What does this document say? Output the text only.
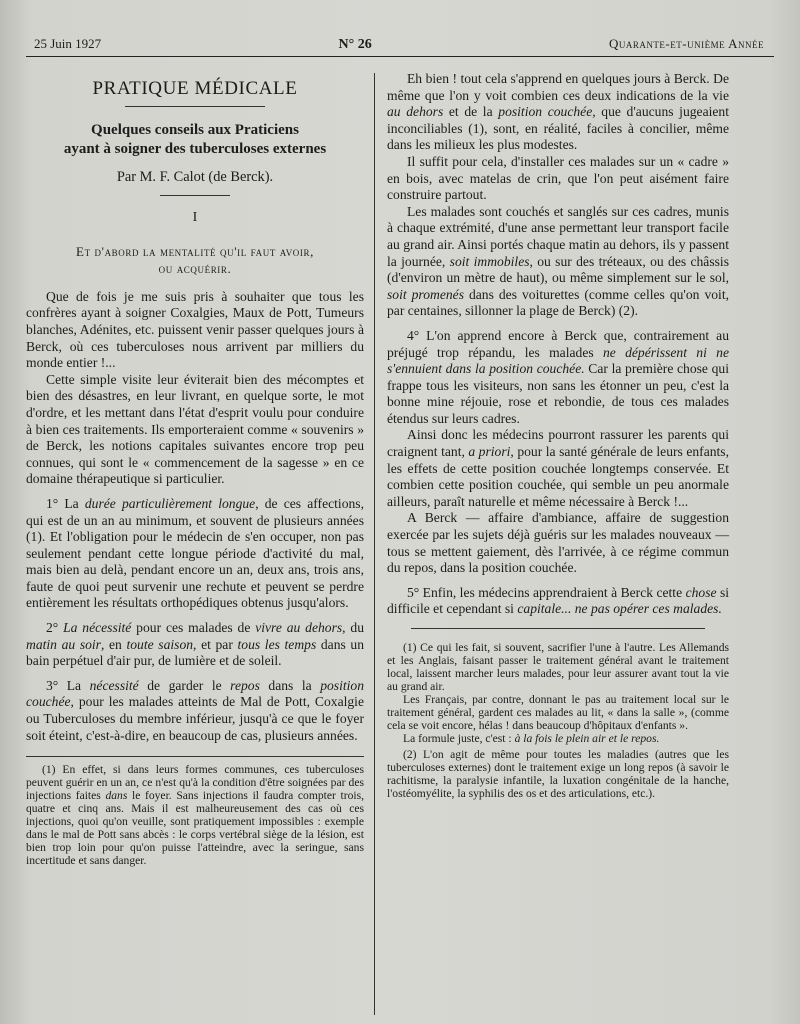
25 Juin 1927	N° 26	Quarante-et-unième Année
PRATIQUE MÉDICALE
Quelques conseils aux Praticiens
ayant à soigner des tuberculoses externes
Par M. F. Calot (de Berck).
I
Et d'abord la mentalité qu'il faut avoir,
ou acquérir.

Que de fois je me suis pris à souhaiter que tous les confrères ayant à soigner Coxalgies, Maux de Pott, Tumeurs blanches, Adénites, etc. puissent venir passer quelques jours à Berck, où ces tuberculoses nous arrivent par milliers du monde entier !...

Cette simple visite leur éviterait bien des mécomptes et bien des désastres, en leur livrant, en quelque sorte, le mot d'ordre, et les mettant dans l'état d'esprit voulu pour conduire à bien ces traitements. Ils emporteraient comme « souvenirs » de Berck, les notions capitales suivantes encore trop peu connues, qui sont le « commencement de la sagesse » en ce domaine thérapeutique si particulier.

1° La durée particulièrement longue, de ces affections, qui est de un an au minimum, et souvent de plusieurs années (1). Et l'obligation pour le médecin de s'en occuper, non pas seulement pendant cette longue période d'activité du mal, mais bien au delà, pendant encore un an, deux ans, trois ans, faute de quoi peut survenir une rechute et peuvent se perdre entièrement les résultats orthopédiques obtenus jusqu'alors.

2° La nécessité pour ces malades de vivre au dehors, du matin au soir, en toute saison, et par tous les temps dans un bain perpétuel d'air pur, de lumière et de soleil.

3° La nécessité de garder le repos dans la position couchée, pour les malades atteints de Mal de Pott, Coxalgie ou Tuberculoses du membre inférieur, jusqu'à ce que le foyer soit éteint, c'est-à-dire, en beaucoup de cas, plusieurs années.

(1) En effet, si dans leurs formes communes, ces tuberculoses peuvent guérir en un an, ce n'est qu'à la condition d'être soignées par des injections faites dans le foyer. Sans injections il faudra compter trois, quatre et cinq ans. Mais il est malheureusement des cas où ces injections, quoi qu'on veuille, sont pratiquement impossibles : exemple dans le mal de Pott sans abcès : le corps vertébral siège de la lésion, est bien trop loin pour qu'on puisse l'atteindre, avec la seringue, sans incertitude et sans danger.

Eh bien ! tout cela s'apprend en quelques jours à Berck. De même que l'on y voit combien ces deux indications de la vie au dehors et de la position couchée, que d'aucuns jugeaient inconciliables (1), sont, en réalité, faciles à concilier, même dans les milieux les plus modestes.

Il suffit pour cela, d'installer ces malades sur un « cadre » en bois, avec matelas de crin, que l'on peut aisément faire construire partout.

Les malades sont couchés et sanglés sur ces cadres, munis à chaque extrémité, d'une anse permettant leur transport facile au grand air. Ainsi portés chaque matin au dehors, ils y passent la journée, soit immobiles, ou sur des tréteaux, ou des châssis (d'environ un mètre de haut), ou même simplement sur le sol, soit promenés dans des voiturettes (comme celles qu'on voit, par centaines, sillonner la plage de Berck) (2).

4° L'on apprend encore à Berck que, contrairement au préjugé trop répandu, les malades ne dépérissent ni ne s'ennuient dans la position couchée. Car la première chose qui frappe tous les visiteurs, non sans les étonner un peu, c'est la bonne mine réjouie, rose et rebondie, de tous ces malades étendus sur leurs cadres.

Ainsi donc les médecins pourront rassurer les parents qui craignent tant, a priori, pour la santé générale de leurs enfants, les effets de cette position couchée longtemps conservée. Et combien cette position couchée, qui semble un peu anormale ailleurs, paraît naturelle et même nécessaire à Berck !...

A Berck — affaire d'ambiance, affaire de suggestion exercée par les sujets déjà guéris sur les malades nouveaux — tous se mettent gaiement, dès l'arrivée, à ce régime commun du repos, dans la position couchée.

5° Enfin, les médecins apprendraient à Berck cette chose si difficile et cependant si capitale... ne pas opérer ces malades.

(1) Ce qui les fait, si souvent, sacrifier l'une à l'autre. Les Allemands et les Anglais, faisant passer le traitement général avant le traitement local, laissent marcher leurs malades, pour leur assurer avant tout la vie au grand air.

Les Français, par contre, donnant le pas au traitement local sur le traitement général, gardent ces malades au lit, « dans la salle », (comme cela se voit encore, hélas ! dans beaucoup d'hôpitaux d'enfants ».

La formule juste, c'est : à la fois le plein air et le repos.

(2) L'on agit de même pour toutes les maladies (autres que les tuberculoses externes) dont le traitement exige un long repos (à savoir le rachitisme, la paralysie infantile, la luxation congénitale de la hanche, l'ostéomyélite, la syphilis des os et des articulations, etc.).
